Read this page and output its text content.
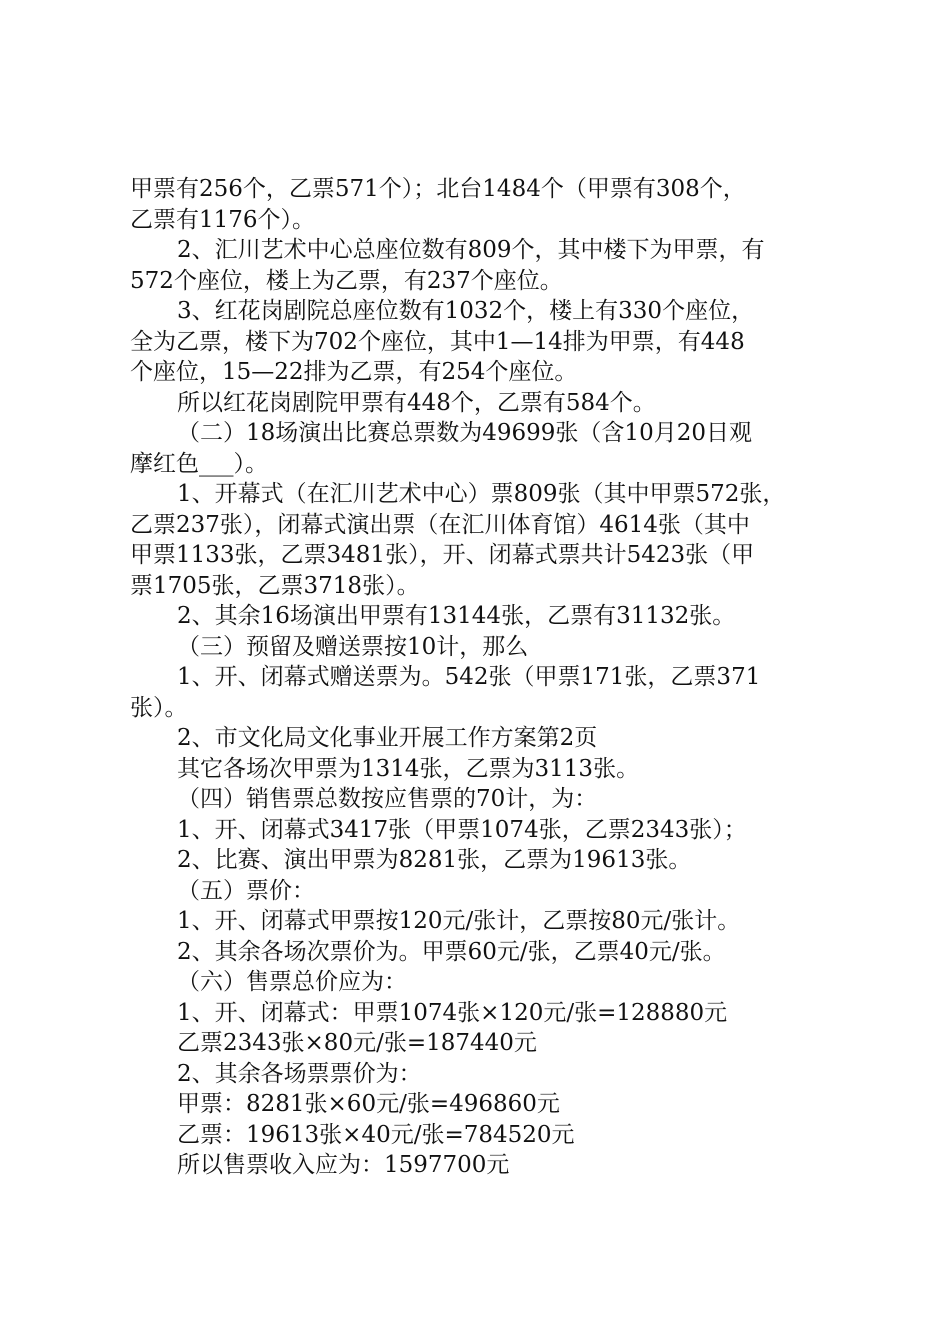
甲票有256个，乙票571个）；北台1484个（甲票有308个，
乙票有1176个）。
2、汇川艺术中心总座位数有809个，其中楼下为甲票，有
572个座位，楼上为乙票，有237个座位。
3、红花岗剧院总座位数有1032个，楼上有330个座位，
全为乙票，楼下为702个座位，其中1—14排为甲票，有448
个座位，15—22排为乙票，有254个座位。
所以红花岗剧院甲票有448个，乙票有584个。
（二）18场演出比赛总票数为49699张（含10月20日观
摩红色___）。
1、开幕式（在汇川艺术中心）票809张（其中甲票572张，
乙票237张），闭幕式演出票（在汇川体育馆）4614张（其中
甲票1133张，乙票3481张），开、闭幕式票共计5423张（甲
票1705张，乙票3718张）。
2、其余16场演出甲票有13144张，乙票有31132张。
（三）预留及赠送票按10计，那么
1、开、闭幕式赠送票为。542张（甲票171张，乙票371
张）。
2、市文化局文化事业开展工作方案第2页
其它各场次甲票为1314张，乙票为3113张。
（四）销售票总数按应售票的70计，为：
1、开、闭幕式3417张（甲票1074张，乙票2343张）；
2、比赛、演出甲票为8281张，乙票为19613张。
（五）票价：
1、开、闭幕式甲票按120元/张计，乙票按80元/张计。
2、其余各场次票价为。甲票60元/张，乙票40元/张。
（六）售票总价应为：
1、开、闭幕式：甲票1074张×120元/张=128880元
乙票2343张×80元/张=187440元
2、其余各场票票价为：
甲票：8281张×60元/张=496860元
乙票：19613张×40元/张=784520元
所以售票收入应为：1597700元
